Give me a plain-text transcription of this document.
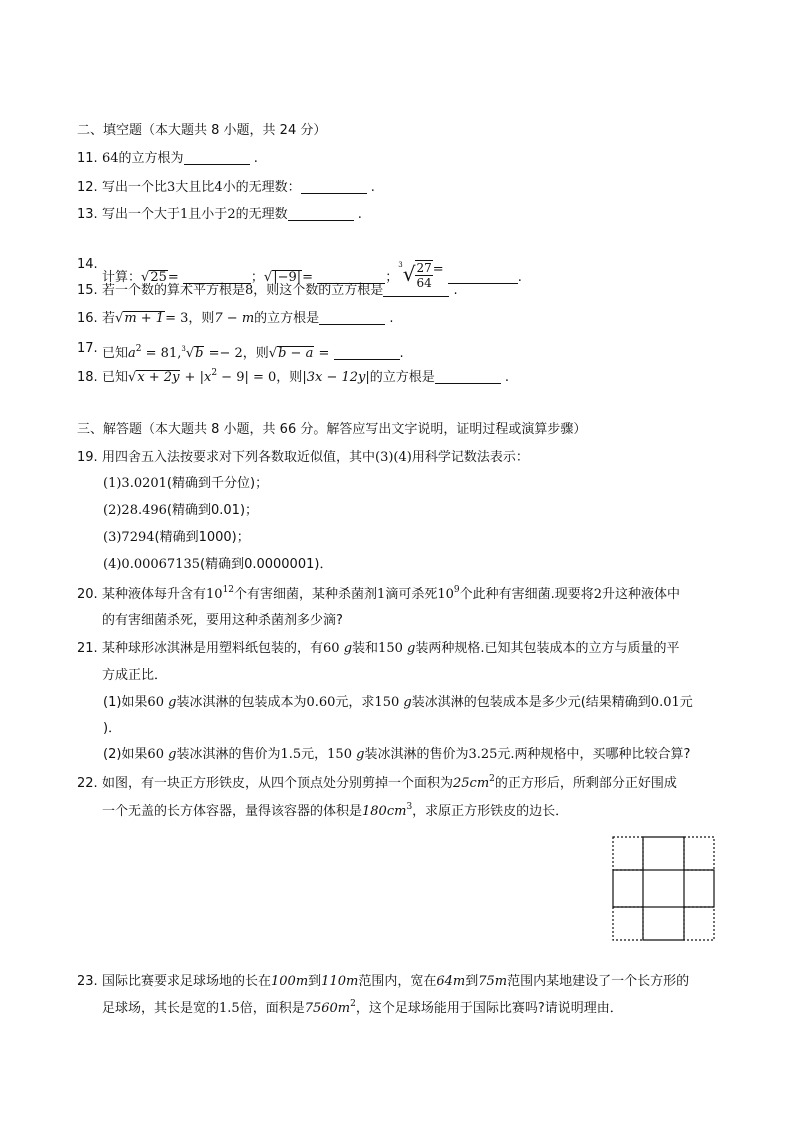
二、填空题（本大题共 8 小题，共 24 分）
11. 64的立方根为	.
12. 写出一个比3大且比4小的无理数：	.
13. 写出一个大于1且小于2的无理数	.
14.
计算：√25=	；√|−9|=	；$^3√ \frac{27}{64}$ = .
15. 若一个数的算术平方根是8，则这个数的立方根是	.
16. 若√m + 1= 3，则7 − m的立方根是	.
17. 已知$a^2 = 81,^3√b =- 2$，则√b − a =	.
18. 已知$√x + 2y + |x^2 - 9| = 0$，则|3x − 12y|的立方根是	.
三、解答题（本大题共 8 小题，共 66 分。解答应写出文字说明，证明过程或演算步骤）
19. 用四舍五入法按要求对下列各数取近似值，其中(3)(4)用科学记数法表示：
(1)3.0201(精确到千分位)；
(2)28.496(精确到0.01)；
(3)7294(精确到1000)；
(4)0.00067135(精确到0.0000001)．
20. 某种液体每升含有$10^{12}$个有害细菌，某种杀菌剂1滴可杀死$10^9$个此种有害细菌.现要将2升这种液体中
的有害细菌杀死，要用这种杀菌剂多少滴?
21. 某种球形冰淇淋是用塑料纸包装的，有60 g装和150 g装两种规格.已知其包装成本的立方与质量的平
方成正比．
(1)如果60 g装冰淇淋的包装成本为0.60元，求150 g装冰淇淋的包装成本是多少元(结果精确到0.01元
)．
(2)如果60 g装冰淇淋的售价为1.5元，150 g装冰淇淋的售价为3.25元.两种规格中，买哪种比较合算?
22. 如图，有一块正方形铁皮，从四个顶点处分别剪掉一个面积为$25cm^2$的正方形后，所剩部分正好围成
一个无盖的长方体容器，量得该容器的体积是$180cm^3$，求原正方形铁皮的边长．
23. 国际比赛要求足球场地的长在100m到110m范围内，宽在64m到75m范围内某地建设了一个长方形的
足球场，其长是宽的1.5倍，面积是$7560m^2$，这个足球场能用于国际比赛吗?请说明理由．
